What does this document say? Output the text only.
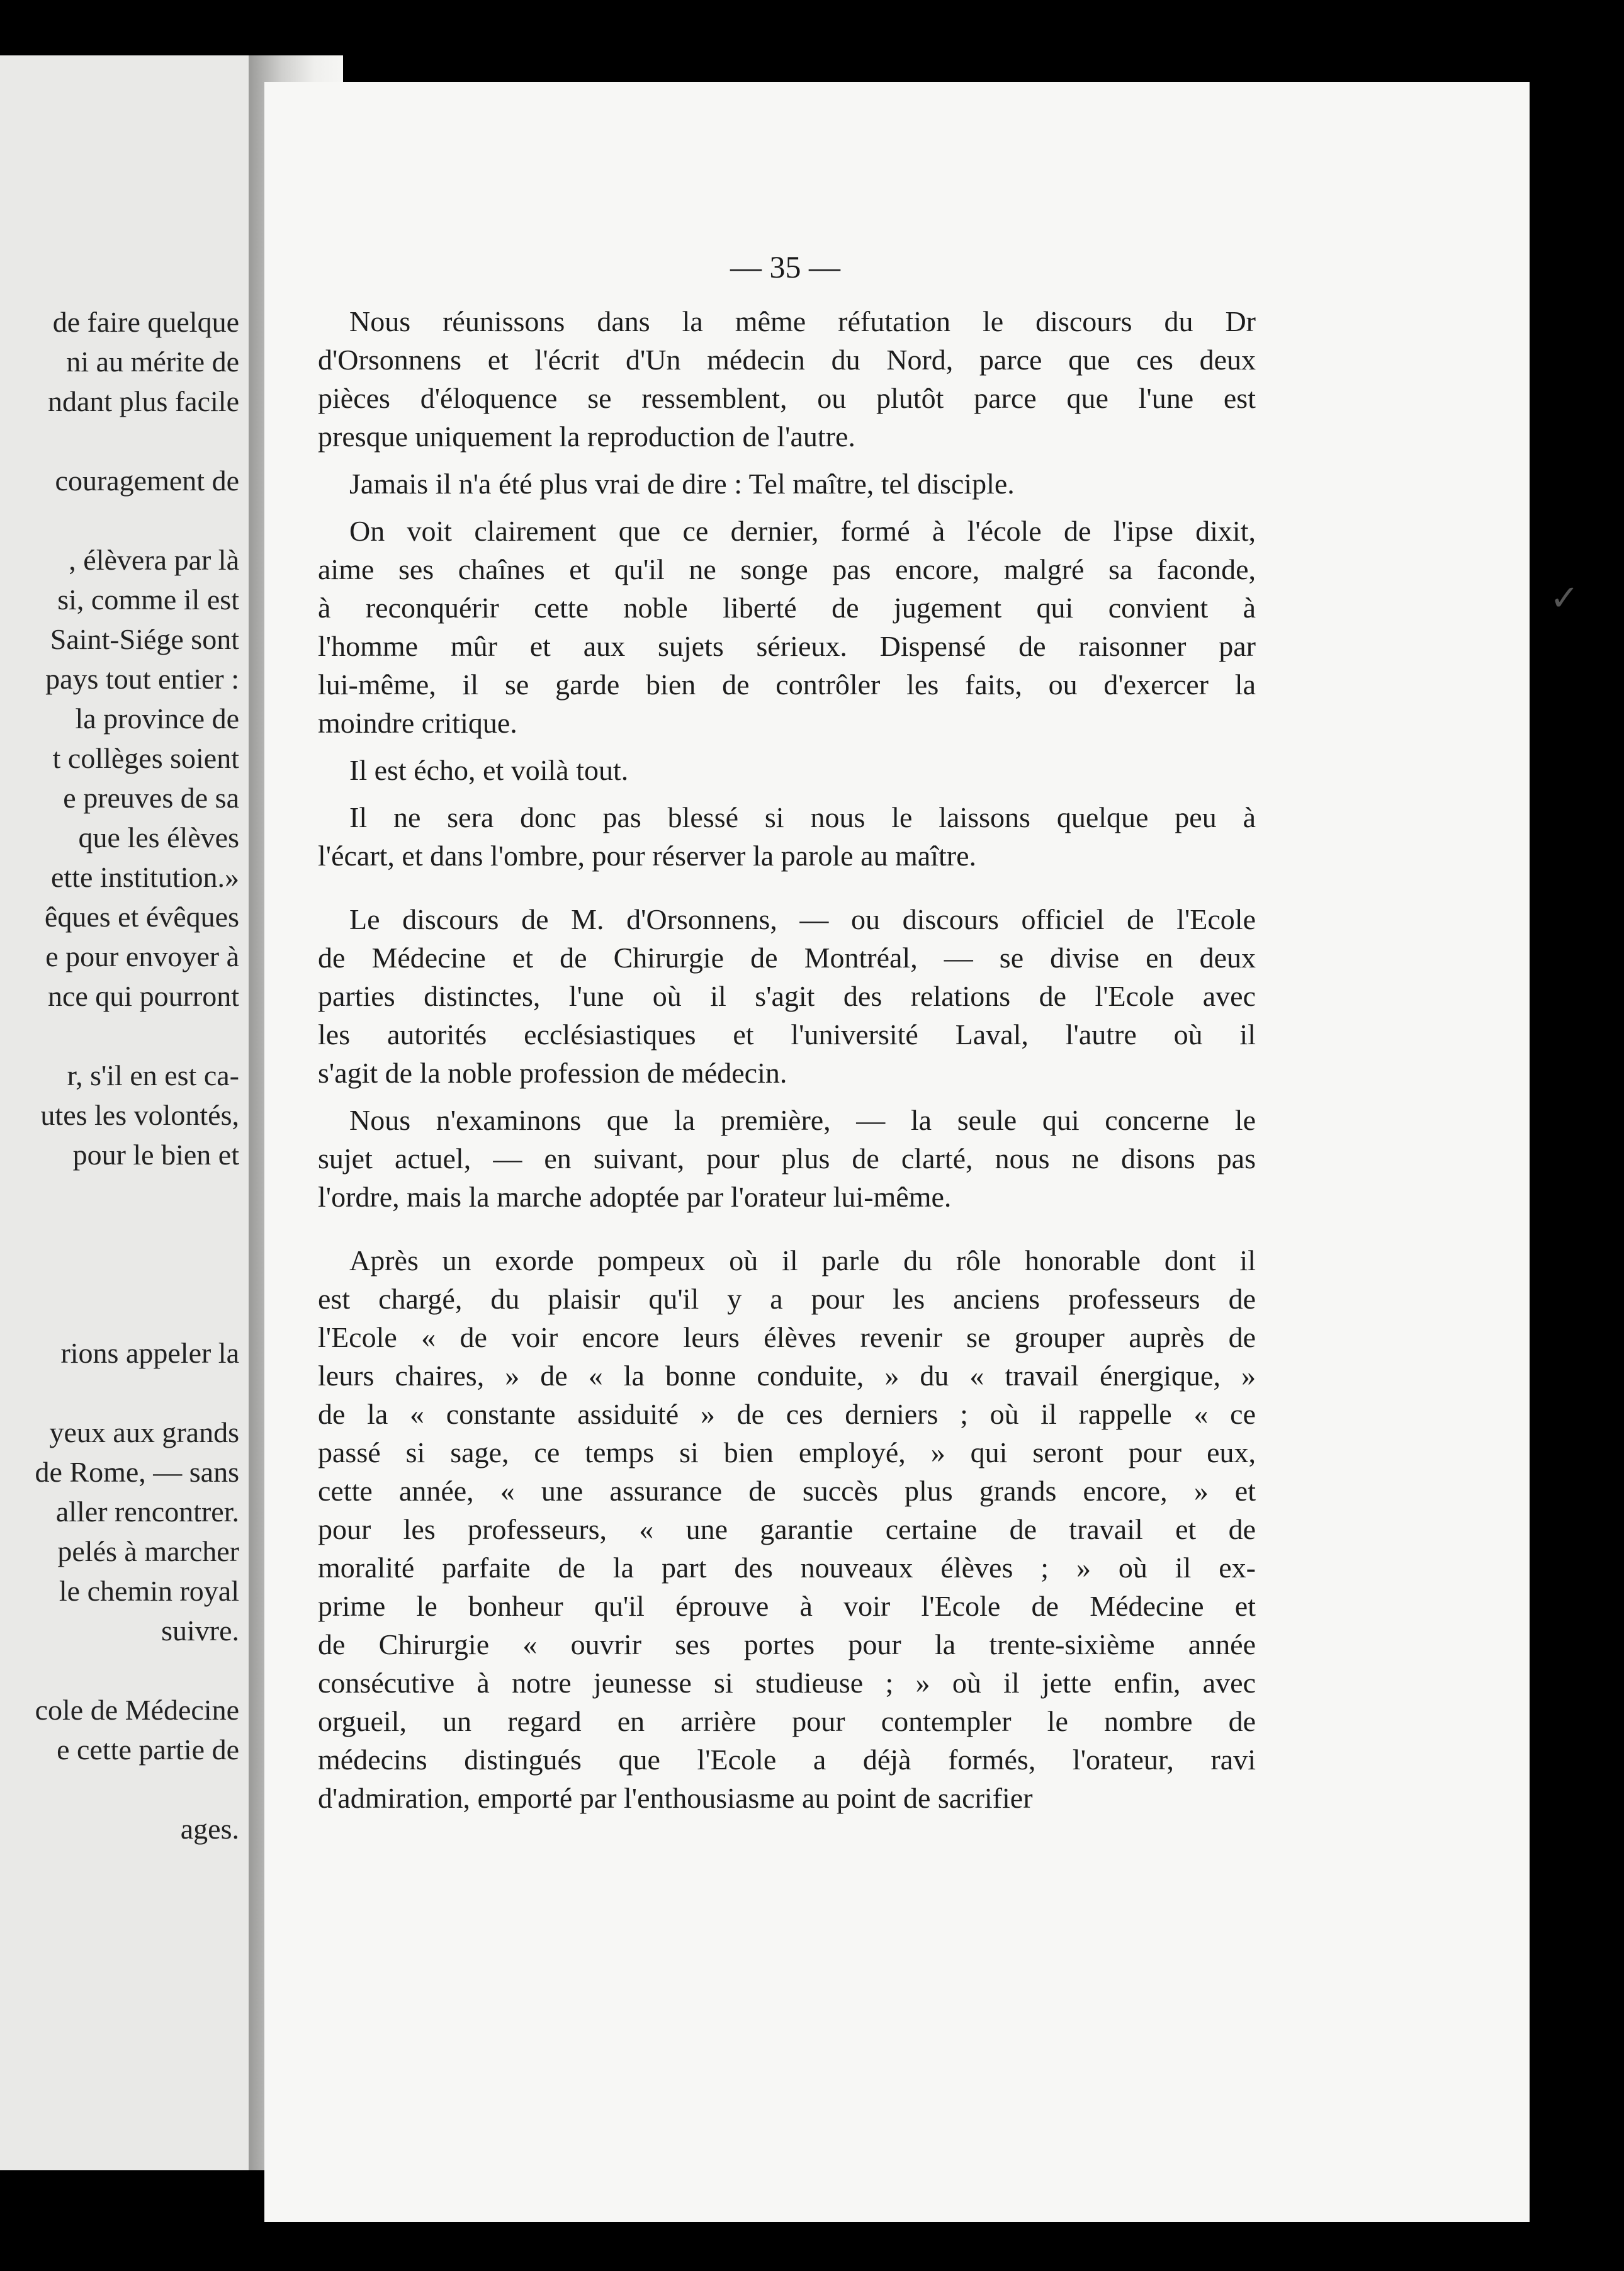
de faire quelque
ni au mérite de
ndant plus facile
couragement de
, élèvera par là
si, comme il est
Saint-Siége sont
pays tout entier :
la province de
t collèges soient
e preuves de sa
que les élèves
ette institution.»
êques et évêques
e pour envoyer à
nce qui pourront
r, s'il en est ca-
utes les volontés,
pour le bien et
rions appeler la
yeux aux grands
de Rome, — sans
aller rencontrer.
pelés à marcher
le chemin royal
suivre.
cole de Médecine
e cette partie de
ages.
— 35 —

Nous réunissons dans la même réfutation le discours du Dr
d'Orsonnens et l'écrit d'Un médecin du Nord, parce que ces deux
pièces d'éloquence se ressemblent, ou plutôt parce que l'une est
presque uniquement la reproduction de l'autre.

Jamais il n'a été plus vrai de dire : Tel maître, tel disciple.

On voit clairement que ce dernier, formé à l'école de l'ipse dixit,
aime ses chaînes et qu'il ne songe pas encore, malgré sa faconde,
à reconquérir cette noble liberté de jugement qui convient à
l'homme mûr et aux sujets sérieux. Dispensé de raisonner par
lui-même, il se garde bien de contrôler les faits, ou d'exercer la
moindre critique.

Il est écho, et voilà tout.

Il ne sera donc pas blessé si nous le laissons quelque peu à
l'écart, et dans l'ombre, pour réserver la parole au maître.

Le discours de M. d'Orsonnens, — ou discours officiel de l'Ecole
de Médecine et de Chirurgie de Montréal, — se divise en deux
parties distinctes, l'une où il s'agit des relations de l'Ecole avec
les autorités ecclésiastiques et l'université Laval, l'autre où il
s'agit de la noble profession de médecin.

Nous n'examinons que la première, — la seule qui concerne le
sujet actuel, — en suivant, pour plus de clarté, nous ne disons pas
l'ordre, mais la marche adoptée par l'orateur lui-même.

Après un exorde pompeux où il parle du rôle honorable dont il
est chargé, du plaisir qu'il y a pour les anciens professeurs de
l'Ecole « de voir encore leurs élèves revenir se grouper auprès de
leurs chaires, » de « la bonne conduite, » du « travail énergique, »
de la « constante assiduité » de ces derniers ; où il rappelle « ce
passé si sage, ce temps si bien employé, » qui seront pour eux,
cette année, « une assurance de succès plus grands encore, » et
pour les professeurs, « une garantie certaine de travail et de
moralité parfaite de la part des nouveaux élèves ; » où il ex-
prime le bonheur qu'il éprouve à voir l'Ecole de Médecine et
de Chirurgie « ouvrir ses portes pour la trente-sixième année
consécutive à notre jeunesse si studieuse ; » où il jette enfin, avec
orgueil, un regard en arrière pour contempler le nombre de
médecins distingués que l'Ecole a déjà formés, l'orateur, ravi
d'admiration, emporté par l'enthousiasme au point de sacrifier

✓
